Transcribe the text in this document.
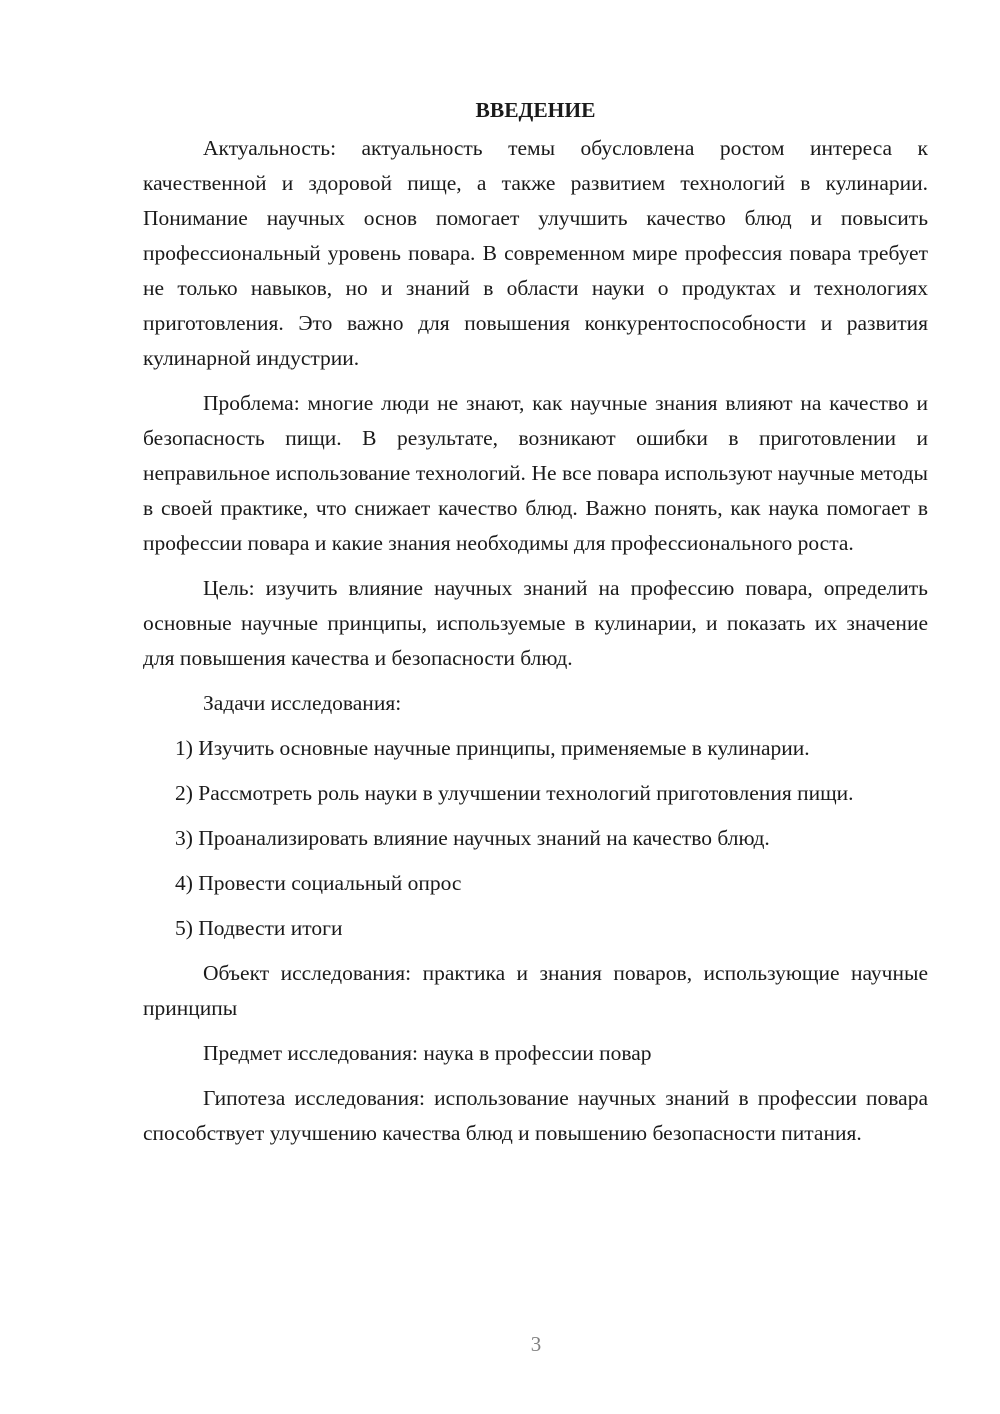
ВВЕДЕНИЕ

Актуальность: актуальность темы обусловлена ростом интереса к качественной и здоровой пище, а также развитием технологий в кулинарии. Понимание научных основ помогает улучшить качество блюд и повысить профессиональный уровень повара. В современном мире профессия повара требует не только навыков, но и знаний в области науки о продуктах и технологиях приготовления. Это важно для повышения конкурентоспособности и развития кулинарной индустрии.

Проблема: многие люди не знают, как научные знания влияют на качество и безопасность пищи. В результате, возникают ошибки в приготовлении и неправильное использование технологий. Не все повара используют научные методы в своей практике, что снижает качество блюд. Важно понять, как наука помогает в профессии повара и какие знания необходимы для профессионального роста.

Цель: изучить влияние научных знаний на профессию повара, определить основные научные принципы, используемые в кулинарии, и показать их значение для повышения качества и безопасности блюд.

Задачи исследования:

1) Изучить основные научные принципы, применяемые в кулинарии.

2) Рассмотреть роль науки в улучшении технологий приготовления пищи.

3) Проанализировать влияние научных знаний на качество блюд.

4) Провести социальный опрос

5) Подвести итоги

Объект исследования: практика и знания поваров, использующие научные принципы

Предмет исследования: наука в профессии повар

Гипотеза исследования: использование научных знаний в профессии повара способствует улучшению качества блюд и повышению безопасности питания.

3
